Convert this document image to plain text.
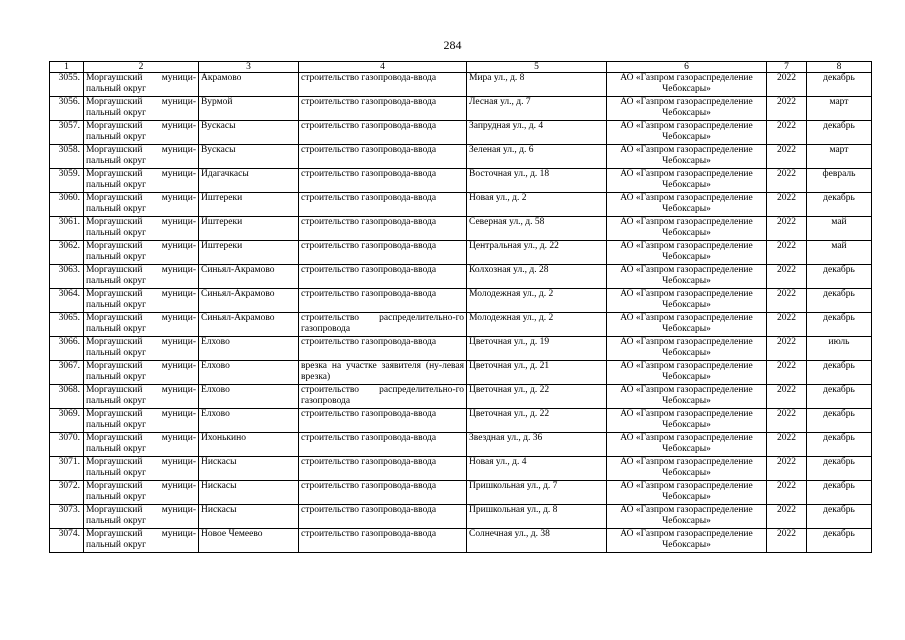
284
1	2	3	4	5	6	7	8
3055.	Моргаушский муници-пальный округ	Акрамово	строительство газопровода-ввода	Мира ул., д. 8	АО «Газпром газораспределение Чебоксары»	2022	декабрь
3056.	Моргаушский муници-пальный округ	Вурмой	строительство газопровода-ввода	Лесная ул., д. 7	АО «Газпром газораспределение Чебоксары»	2022	март
3057.	Моргаушский муници-пальный округ	Вускасы	строительство газопровода-ввода	Запрудная ул., д. 4	АО «Газпром газораспределение Чебоксары»	2022	декабрь
3058.	Моргаушский муници-пальный округ	Вускасы	строительство газопровода-ввода	Зеленая ул., д. 6	АО «Газпром газораспределение Чебоксары»	2022	март
3059.	Моргаушский муници-пальный округ	Идагачкасы	строительство газопровода-ввода	Восточная ул., д. 18	АО «Газпром газораспределение Чебоксары»	2022	февраль
3060.	Моргаушский муници-пальный округ	Иштереки	строительство газопровода-ввода	Новая ул., д. 2	АО «Газпром газораспределение Чебоксары»	2022	декабрь
3061.	Моргаушский муници-пальный округ	Иштереки	строительство газопровода-ввода	Северная ул., д. 58	АО «Газпром газораспределение Чебоксары»	2022	май
3062.	Моргаушский муници-пальный округ	Иштереки	строительство газопровода-ввода	Центральная ул., д. 22	АО «Газпром газораспределение Чебоксары»	2022	май
3063.	Моргаушский муници-пальный округ	Синьял-Акрамово	строительство газопровода-ввода	Колхозная ул., д. 28	АО «Газпром газораспределение Чебоксары»	2022	декабрь
3064.	Моргаушский муници-пальный округ	Синьял-Акрамово	строительство газопровода-ввода	Молодежная ул., д. 2	АО «Газпром газораспределение Чебоксары»	2022	декабрь
3065.	Моргаушский муници-пальный округ	Синьял-Акрамово	строительство распределительно-го газопровода	Молодежная ул., д. 2	АО «Газпром газораспределение Чебоксары»	2022	декабрь
3066.	Моргаушский муници-пальный округ	Елхово	строительство газопровода-ввода	Цветочная ул., д. 19	АО «Газпром газораспределение Чебоксары»	2022	июль
3067.	Моргаушский муници-пальный округ	Елхово	врезка на участке заявителя (ну-левая врезка)	Цветочная ул., д. 21	АО «Газпром газораспределение Чебоксары»	2022	декабрь
3068.	Моргаушский муници-пальный округ	Елхово	строительство распределительно-го газопровода	Цветочная ул., д. 22	АО «Газпром газораспределение Чебоксары»	2022	декабрь
3069.	Моргаушский муници-пальный округ	Елхово	строительство газопровода-ввода	Цветочная ул., д. 22	АО «Газпром газораспределение Чебоксары»	2022	декабрь
3070.	Моргаушский муници-пальный округ	Ихонькино	строительство газопровода-ввода	Звездная ул., д. 36	АО «Газпром газораспределение Чебоксары»	2022	декабрь
3071.	Моргаушский муници-пальный округ	Нискасы	строительство газопровода-ввода	Новая ул., д. 4	АО «Газпром газораспределение Чебоксары»	2022	декабрь
3072.	Моргаушский муници-пальный округ	Нискасы	строительство газопровода-ввода	Пришкольная ул., д. 7	АО «Газпром газораспределение Чебоксары»	2022	декабрь
3073.	Моргаушский муници-пальный округ	Нискасы	строительство газопровода-ввода	Пришкольная ул., д. 8	АО «Газпром газораспределение Чебоксары»	2022	декабрь
3074.	Моргаушский муници-пальный округ	Новое Чемеево	строительство газопровода-ввода	Солнечная ул., д. 38	АО «Газпром газораспределение Чебоксары»	2022	декабрь
